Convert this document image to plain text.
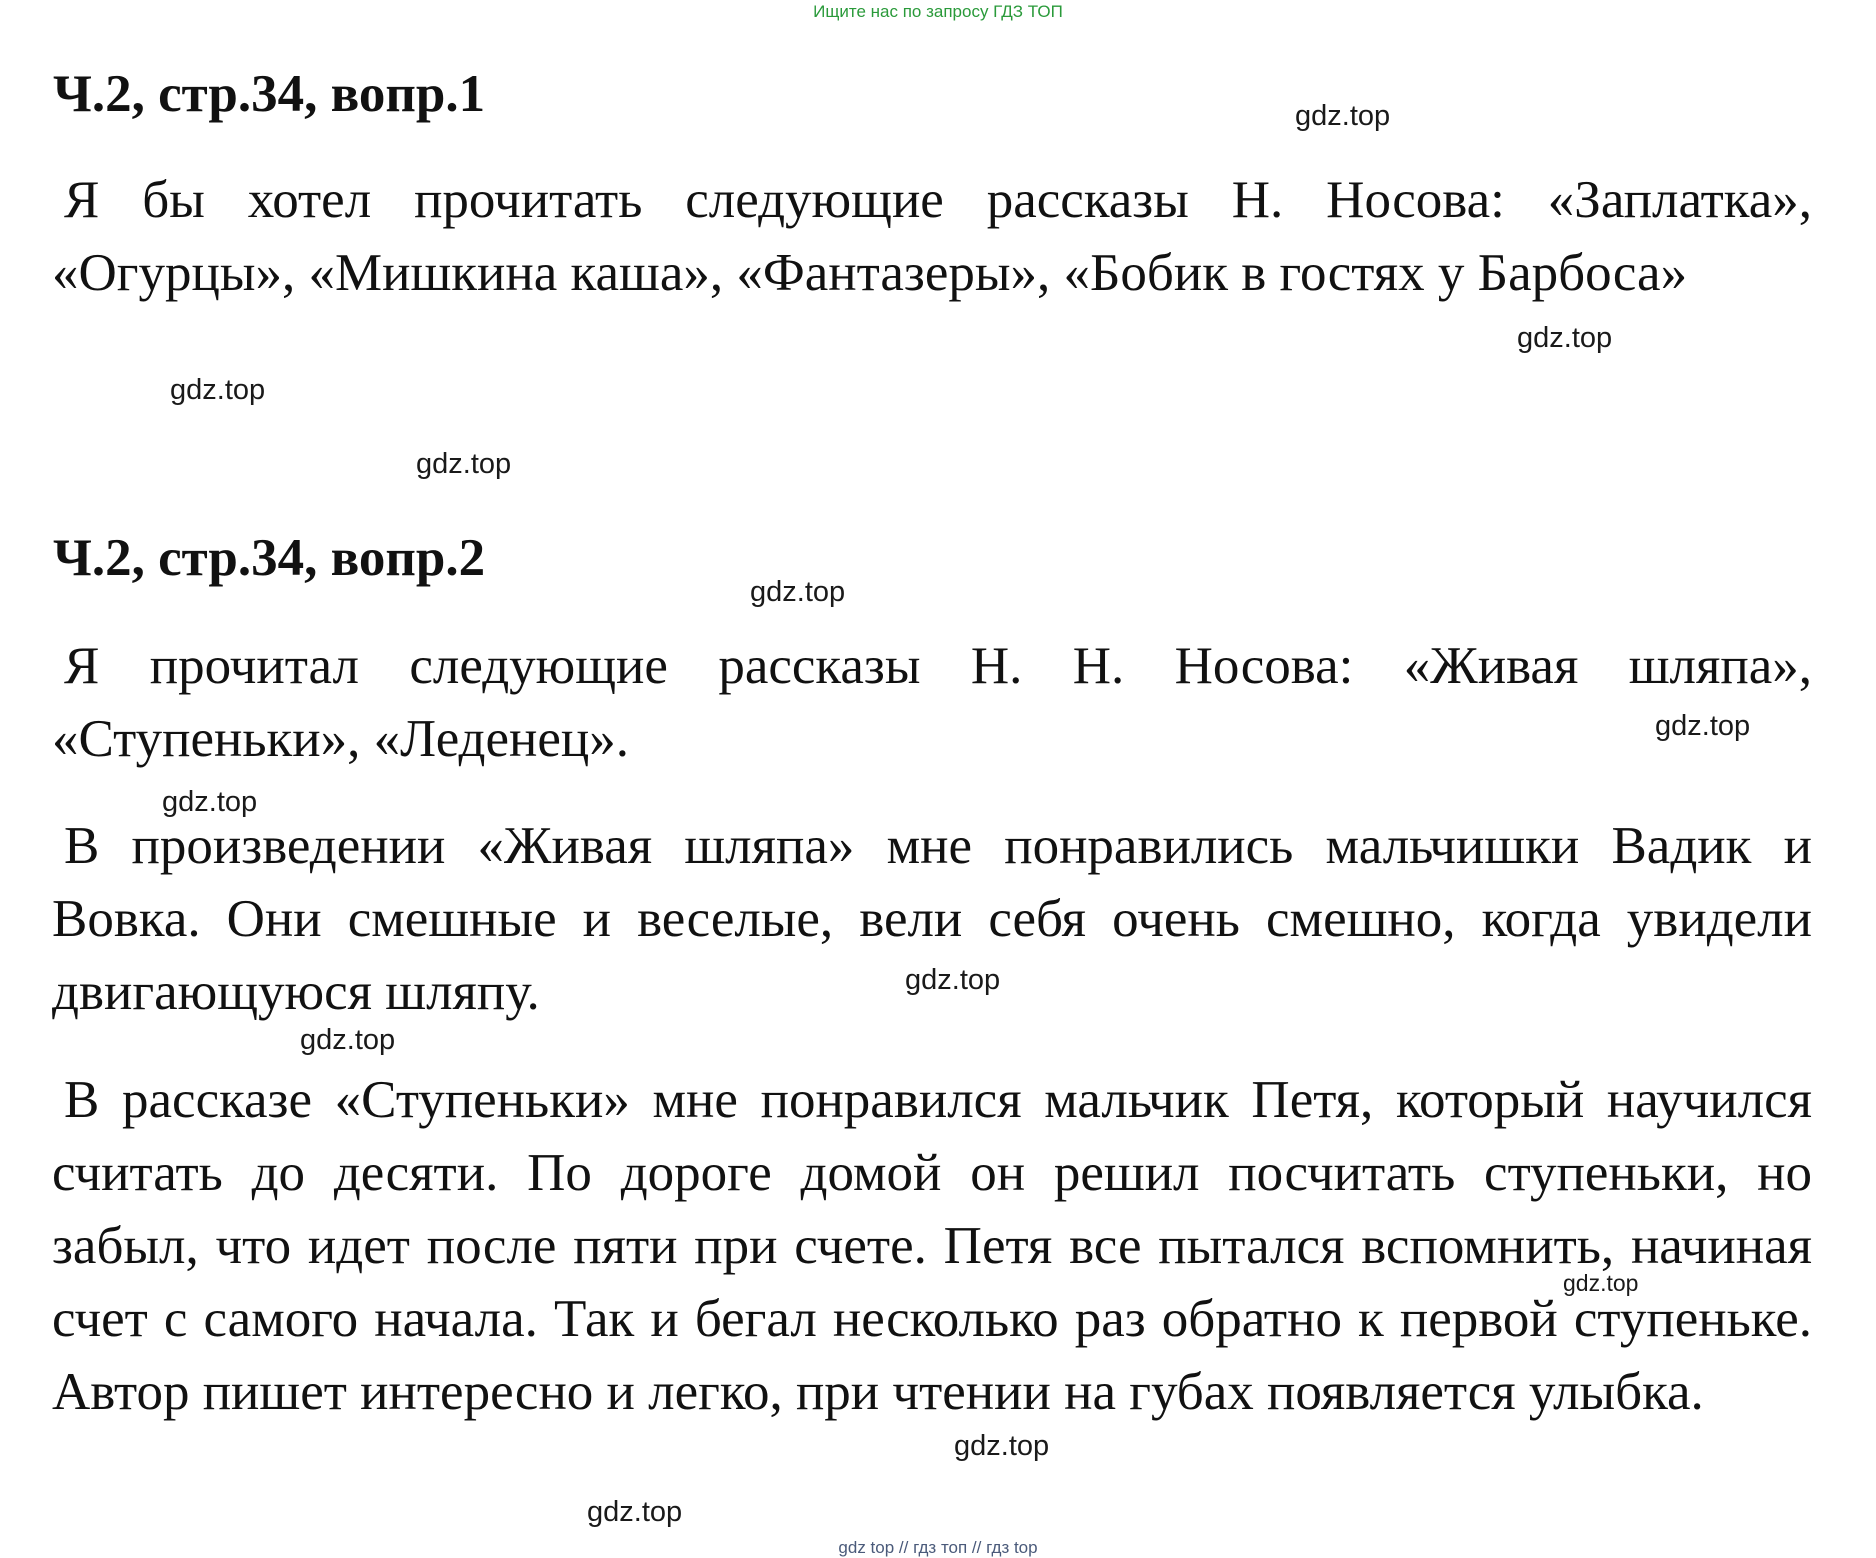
Ищите нас по запросу ГДЗ ТОП
Ч.2, стр.34, вопр.1

Я бы хотел прочитать следующие рассказы Н. Носова: «Заплатка», «Огурцы», «Мишкина каша», «Фантазеры», «Бобик в гостях у Барбоса»

Ч.2, стр.34, вопр.2

Я прочитал следующие рассказы Н. Н. Носова: «Живая шляпа», «Ступеньки», «Леденец».

В произведении «Живая шляпа» мне понравились мальчишки Вадик и Вовка. Они смешные и веселые, вели себя очень смешно, когда увидели двигающуюся шляпу.

В рассказе «Ступеньки» мне понравился мальчик Петя, который научился считать до десяти. По дороге домой он решил посчитать ступеньки, но забыл, что идет после пяти при счете. Петя все пытался вспомнить, начиная счет с самого начала. Так и бегал несколько раз обратно к первой ступеньке. Автор пишет интересно и легко, при чтении на губах появляется улыбка.

gdz.top
gdz.top
gdz.top
gdz.top
gdz.top
gdz.top
gdz.top
gdz.top
gdz.top
gdz.top
gdz.top
gdz.top
gdz top // гдз топ // гдз top
